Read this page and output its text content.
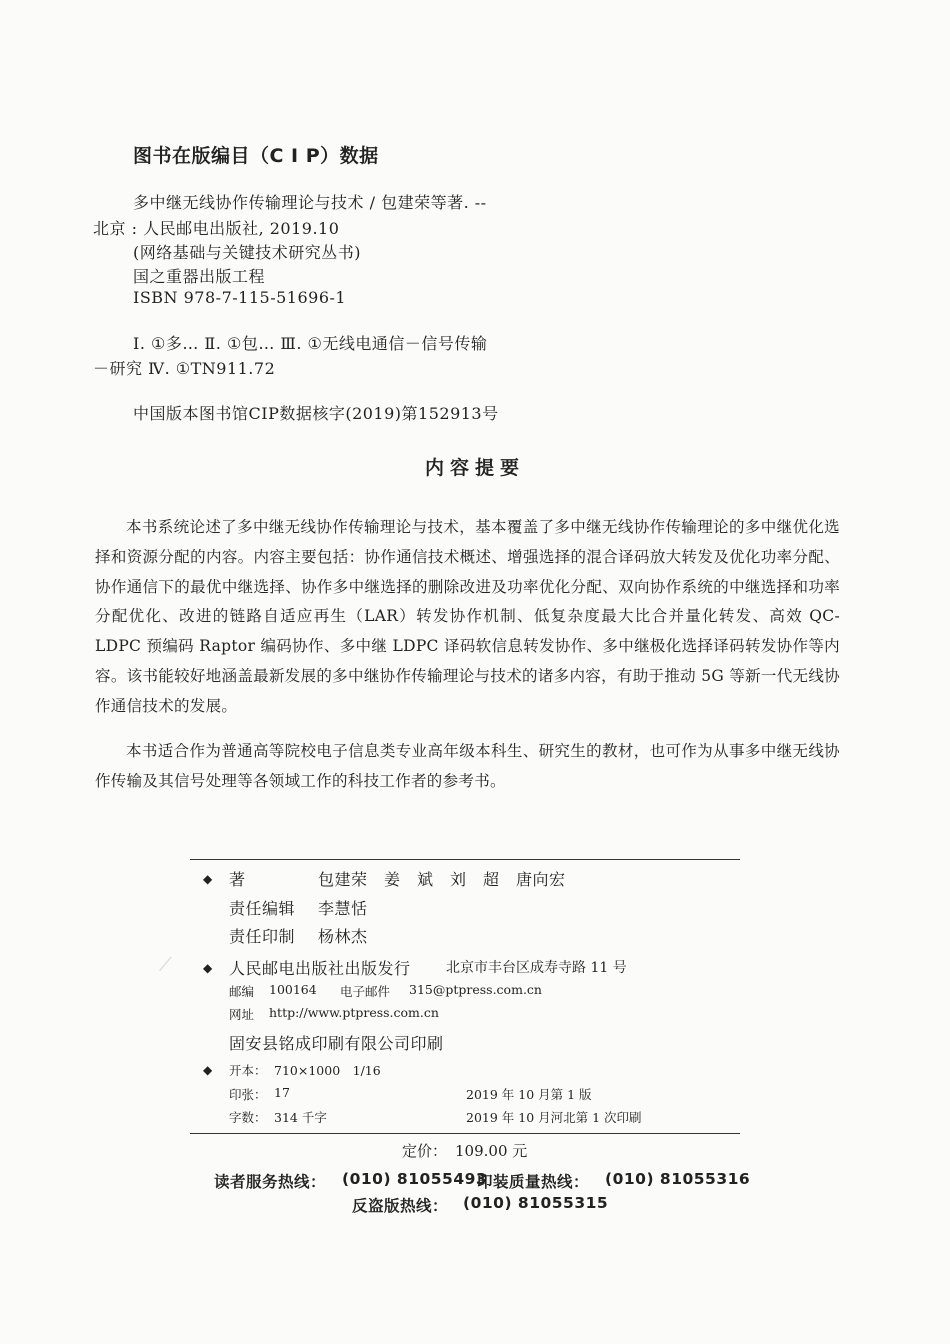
图书在版编目（C I P）数据
多中继无线协作传输理论与技术 / 包建荣等著. --
北京 : 人民邮电出版社, 2019.10
(网络基础与关键技术研究丛书)
国之重器出版工程
ISBN 978-7-115-51696-1
Ⅰ. ①多… Ⅱ. ①包… Ⅲ. ①无线电通信－信号传输
－研究 Ⅳ. ①TN911.72
中国版本图书馆CIP数据核字(2019)第152913号
内容提要
本书系统论述了多中继无线协作传输理论与技术，基本覆盖了多中继无线协作传输理论的多中继优化选择和资源分配的内容。内容主要包括：协作通信技术概述、增强选择的混合译码放大转发及优化功率分配、协作通信下的最优中继选择、协作多中继选择的删除改进及功率优化分配、双向协作系统的中继选择和功率分配优化、改进的链路自适应再生（LAR）转发协作机制、低复杂度最大比合并量化转发、高效 QC-LDPC 预编码 Raptor 编码协作、多中继 LDPC 译码软信息转发协作、多中继极化选择译码转发协作等内容。该书能较好地涵盖最新发展的多中继协作传输理论与技术的诸多内容，有助于推动 5G 等新一代无线协作通信技术的发展。
本书适合作为普通高等院校电子信息类专业高年级本科生、研究生的教材，也可作为从事多中继无线协作传输及其信号处理等各领域工作的科技工作者的参考书。
◆ 著	包建荣　姜　斌　刘　超　唐向宏
责任编辑 李慧恬
责任印制 杨林杰
◆ 人民邮电出版社出版发行	北京市丰台区成寿寺路 11 号
邮编 100164 电子邮件 315@ptpress.com.cn
网址 http://www.ptpress.com.cn
固安县铭成印刷有限公司印刷
◆ 开本： 710×1000　1/16
印张： 17	2019 年 10 月第 1 版
字数： 314 千字	2019 年 10 月河北第 1 次印刷
定价： 109.00 元
读者服务热线： (010) 81055493
印装质量热线： (010) 81055316
反盗版热线： (010) 81055315
